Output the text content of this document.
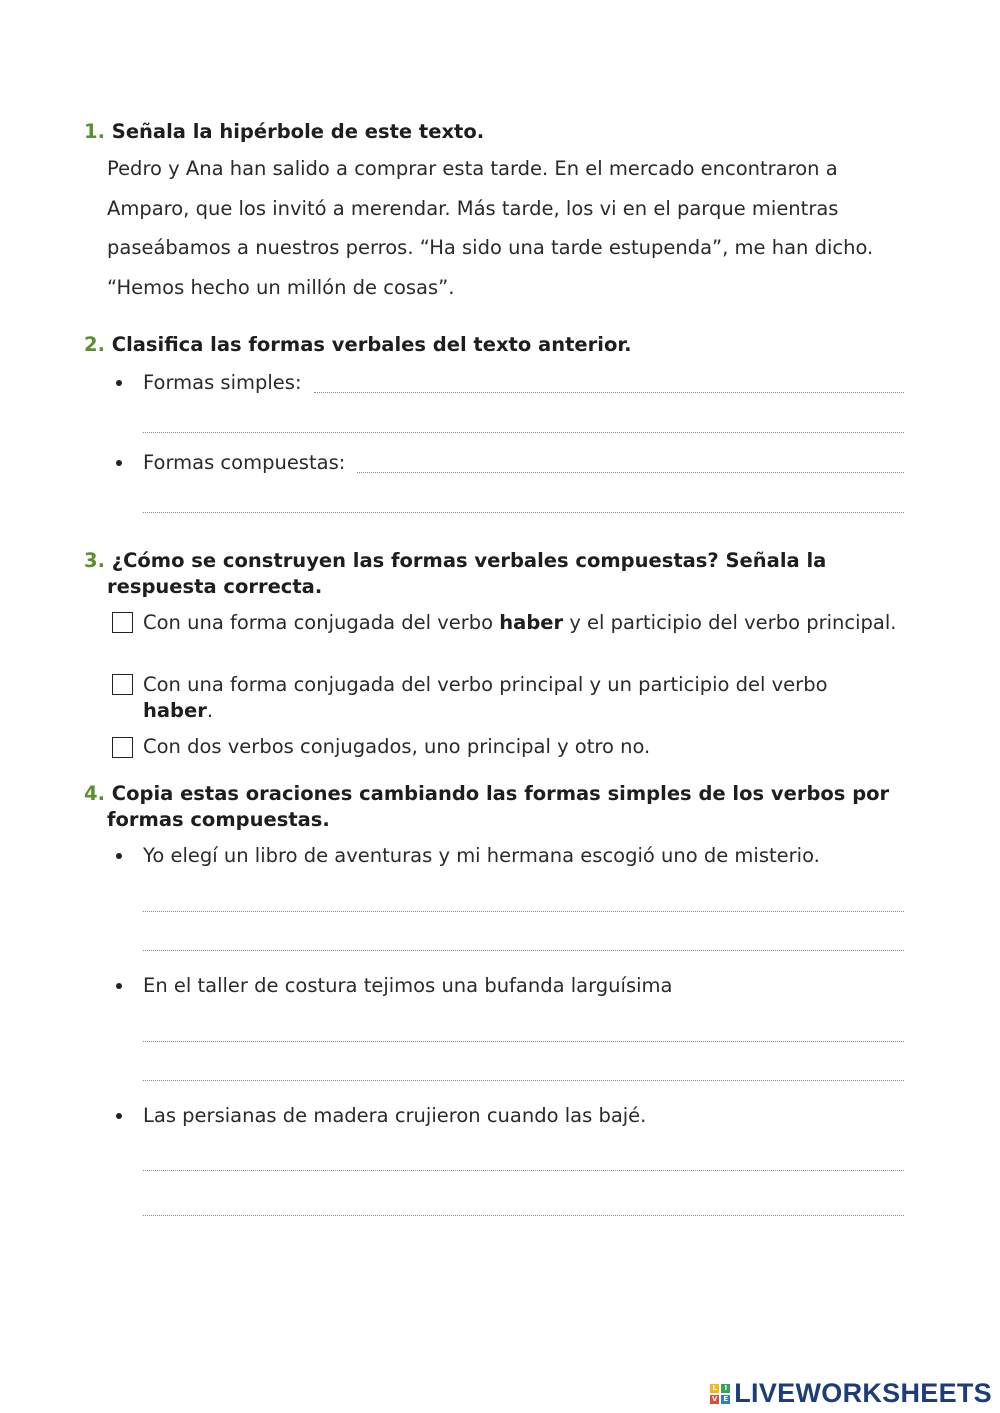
1. Señala la hipérbole de este texto.
Pedro y Ana han salido a comprar esta tarde. En el mercado encontraron a Amparo, que los invitó a merendar. Más tarde, los vi en el parque mientras paseábamos a nuestros perros. “Ha sido una tarde estupenda”, me han dicho. “Hemos hecho un millón de cosas”.
2. Clasifica las formas verbales del texto anterior.
Formas simples:
Formas compuestas:
3. ¿Cómo se construyen las formas verbales compuestas? Señala la respuesta correcta.
Con una forma conjugada del verbo haber y el participio del verbo principal.
Con una forma conjugada del verbo principal y un participio del verbo haber.
Con dos verbos conjugados, uno principal y otro no.
4. Copia estas oraciones cambiando las formas simples de los verbos por formas compuestas.
Yo elegí un libro de aventuras y mi hermana escogió uno de misterio.
En el taller de costura tejimos una bufanda larguísima
Las persianas de madera crujieron cuando las bajé.
L	I
V E LIVEWORKSHEETS
